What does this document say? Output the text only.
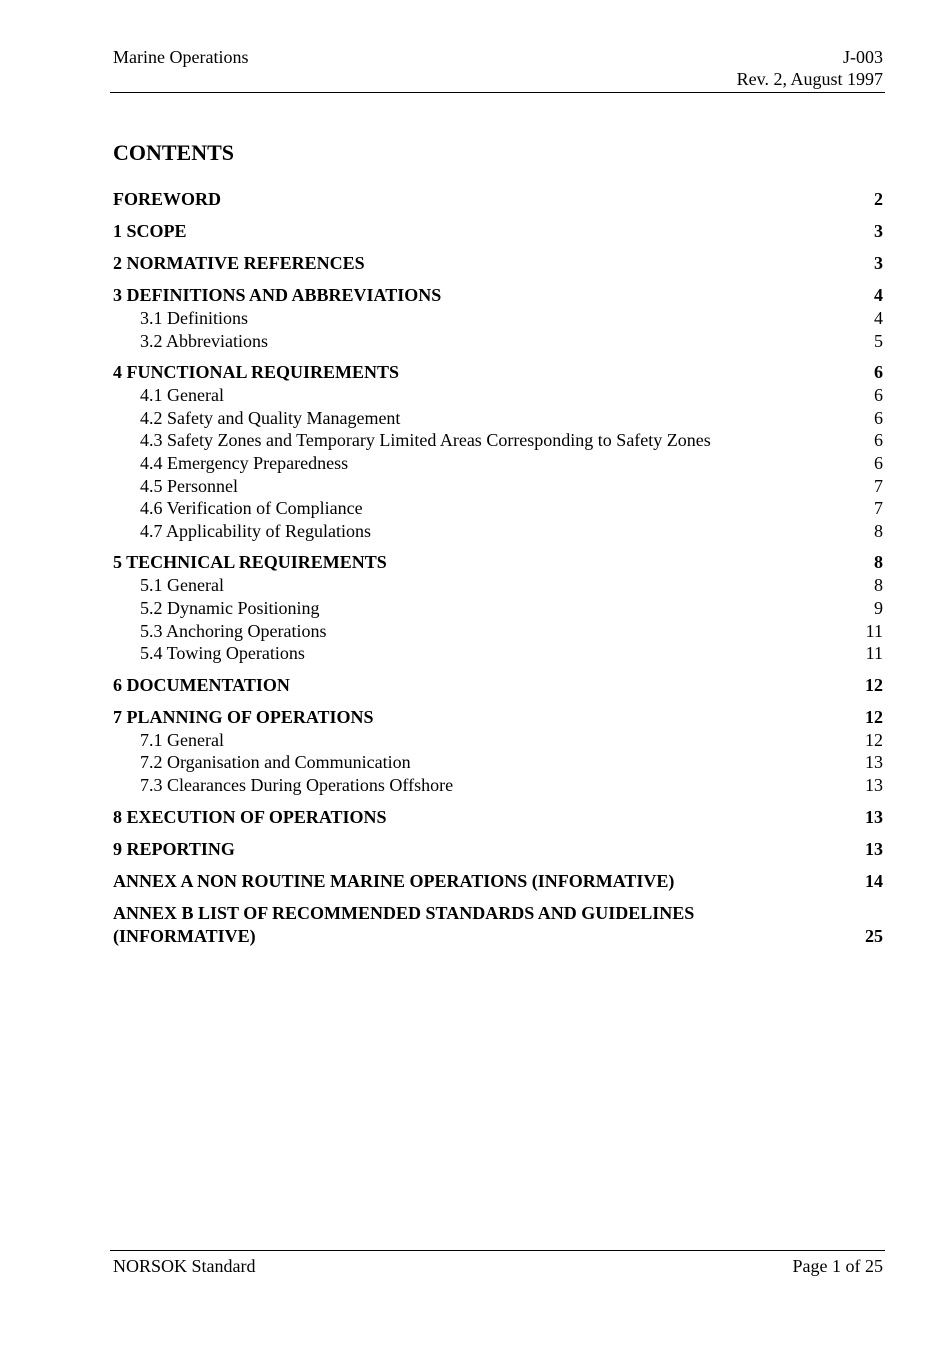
Marine Operations	J-003
Rev. 2, August 1997
CONTENTS
FOREWORD	2
1 SCOPE	3
2 NORMATIVE REFERENCES	3
3 DEFINITIONS AND ABBREVIATIONS	4
3.1 Definitions	4
3.2 Abbreviations	5
4 FUNCTIONAL REQUIREMENTS	6
4.1 General	6
4.2 Safety and Quality Management	6
4.3 Safety Zones and Temporary Limited Areas Corresponding to Safety Zones	6
4.4 Emergency Preparedness	6
4.5 Personnel	7
4.6 Verification of Compliance	7
4.7 Applicability of Regulations	8
5 TECHNICAL REQUIREMENTS	8
5.1 General	8
5.2 Dynamic Positioning	9
5.3 Anchoring Operations	11
5.4 Towing Operations	11
6 DOCUMENTATION	12
7 PLANNING OF OPERATIONS	12
7.1 General	12
7.2 Organisation and Communication	13
7.3 Clearances During Operations Offshore	13
8 EXECUTION OF OPERATIONS	13
9 REPORTING	13
ANNEX A NON ROUTINE MARINE OPERATIONS (INFORMATIVE)	14
ANNEX B LIST OF RECOMMENDED STANDARDS AND GUIDELINES (INFORMATIVE)	25
NORSOK Standard	Page 1 of 25
